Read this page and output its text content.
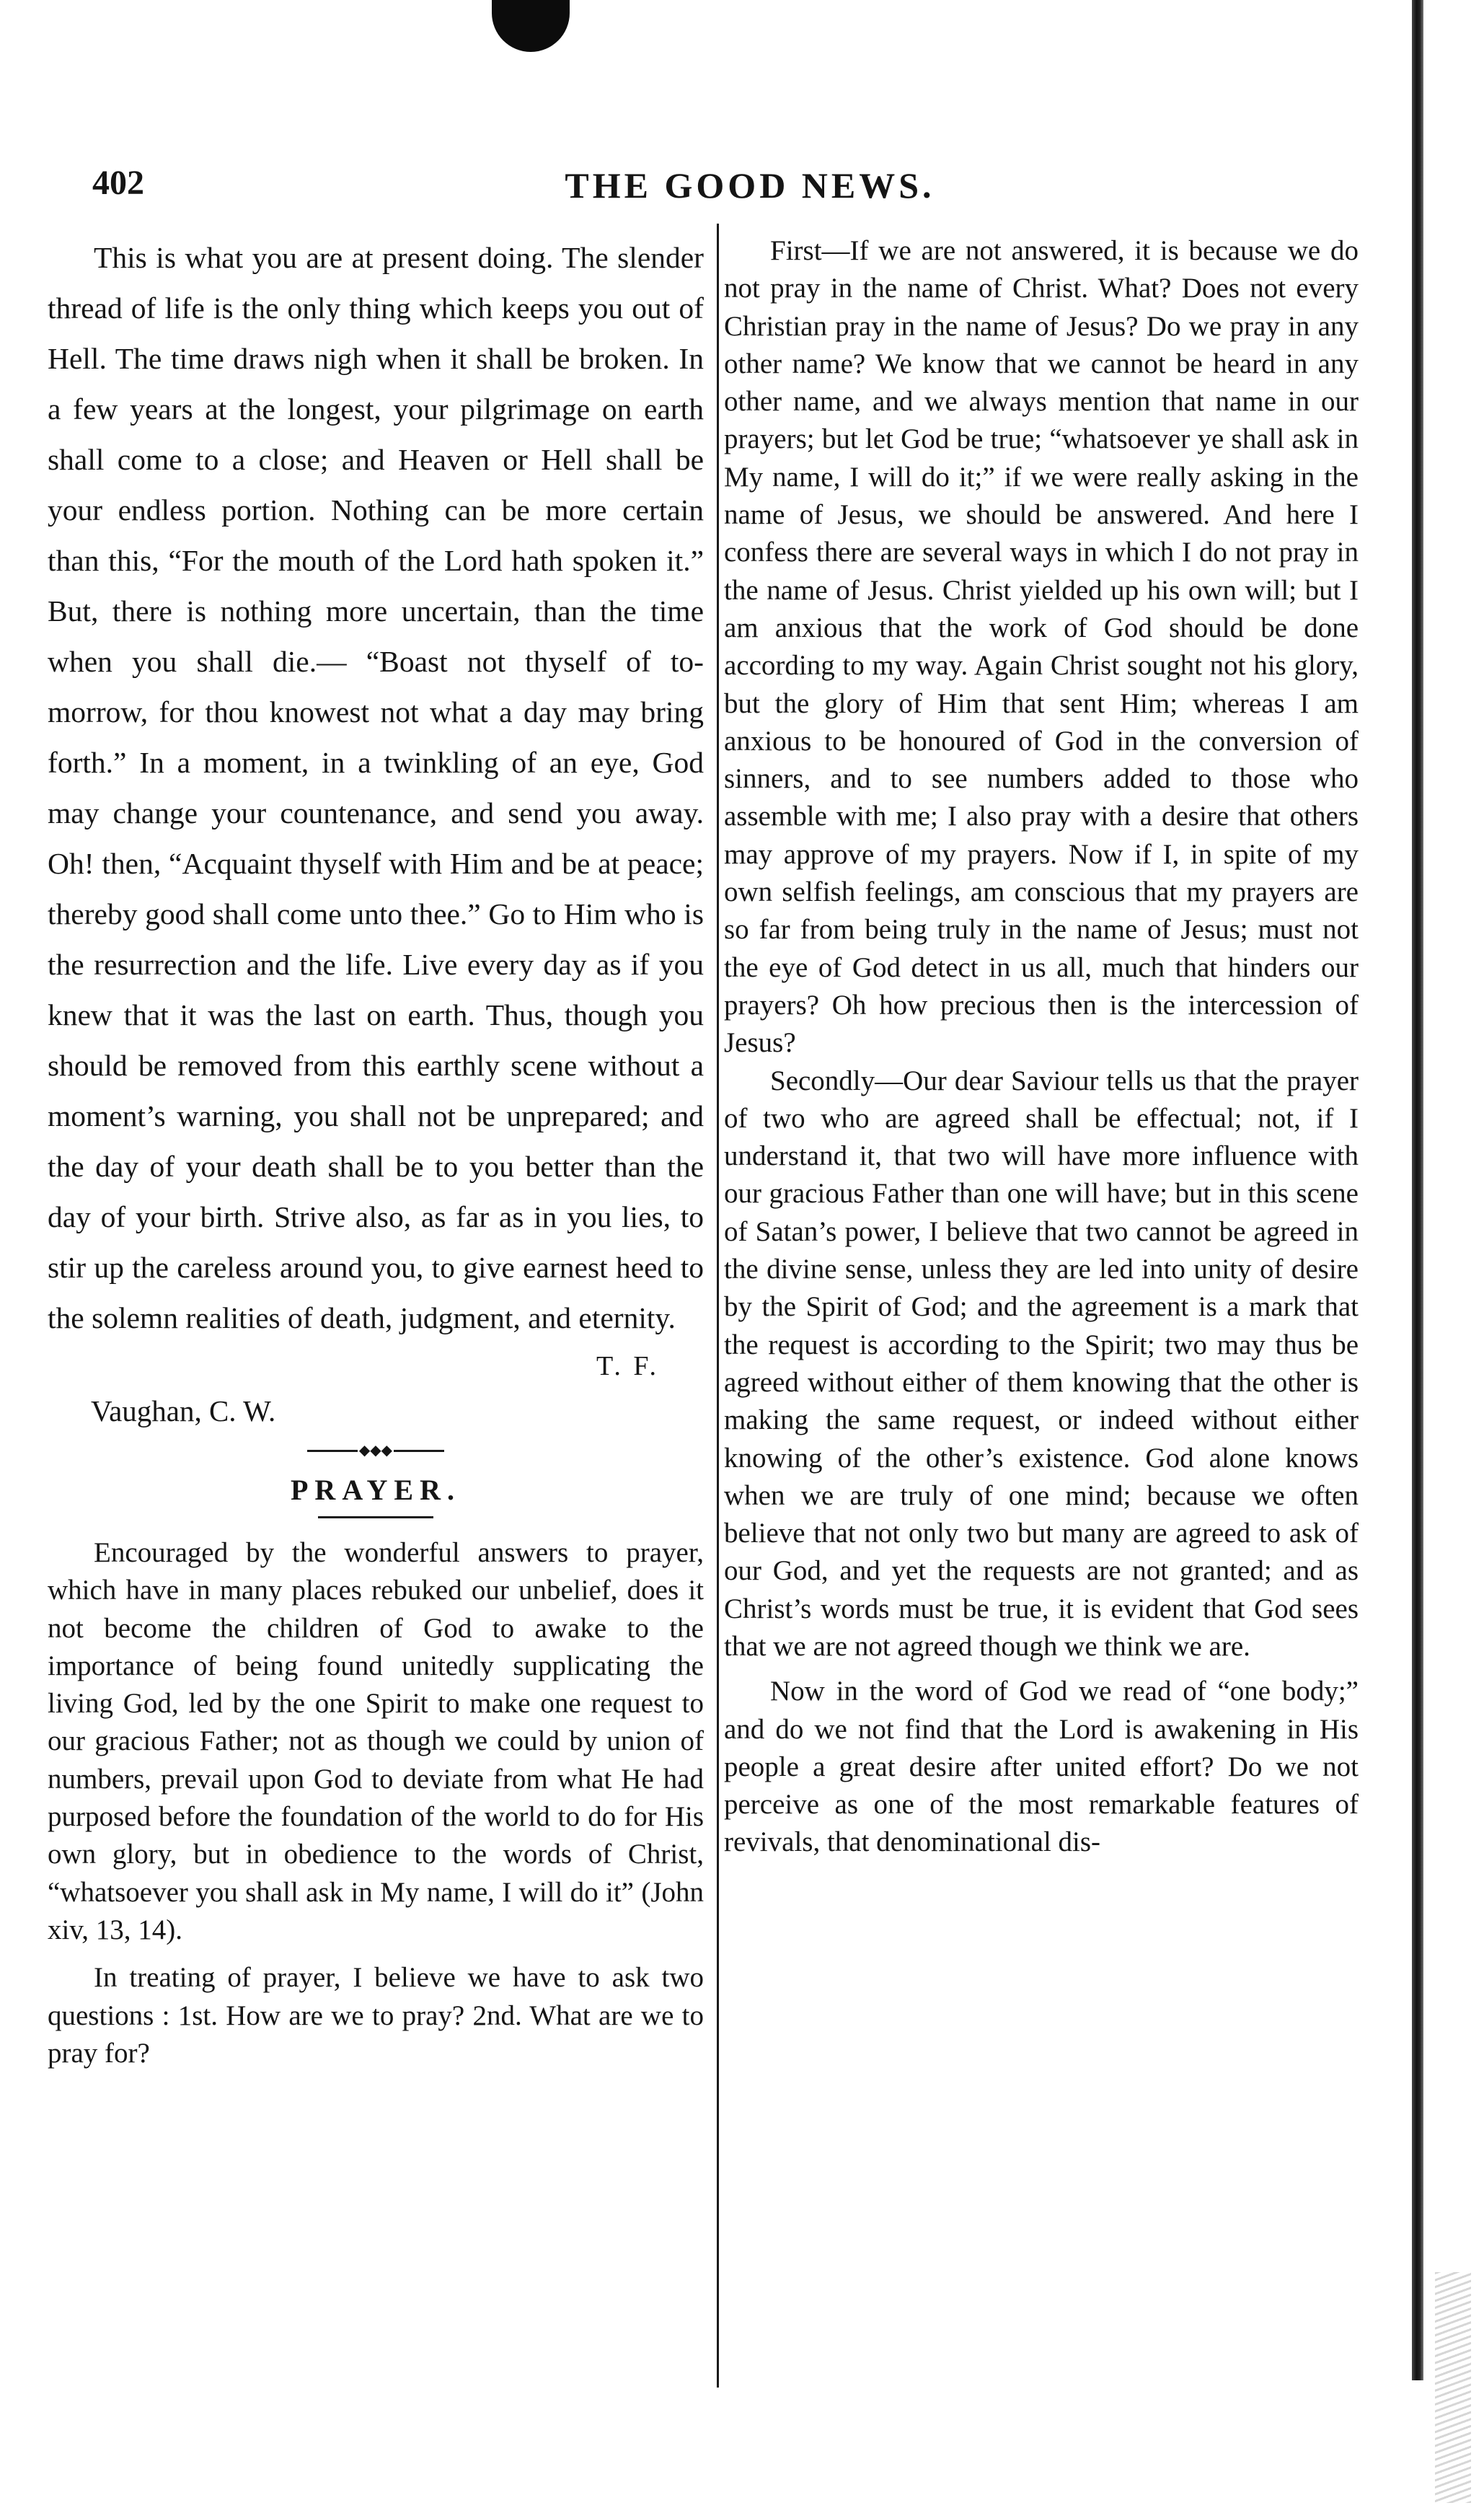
402	THE GOOD NEWS.

This is what you are at present doing. The slender thread of life is the only thing which keeps you out of Hell. The time draws nigh when it shall be broken. In a few years at the longest, your pilgrimage on earth shall come to a close; and Heaven or Hell shall be your endless portion. Nothing can be more certain than this, “For the mouth of the Lord hath spoken it.” But, there is nothing more uncertain, than the time when you shall die.— “Boast not thyself of to-morrow, for thou knowest not what a day may bring forth.” In a moment, in a twinkling of an eye, God may change your countenance, and send you away. Oh! then, “Acquaint thyself with Him and be at peace; thereby good shall come unto thee.” Go to Him who is the resurrection and the life. Live every day as if you knew that it was the last on earth. Thus, though you should be removed from this earthly scene without a moment’s warning, you shall not be unprepared; and the day of your death shall be to you better than the day of your birth. Strive also, as far as in you lies, to stir up the careless around you, to give earnest heed to the solemn realities of death, judgment, and eternity.

T. F.
Vaughan, C. W.
◆◆◆
PRAYER.

Encouraged by the wonderful answers to prayer, which have in many places rebuked our unbelief, does it not become the children of God to awake to the importance of being found unitedly supplicating the living God, led by the one Spirit to make one request to our gracious Father; not as though we could by union of numbers, prevail upon God to deviate from what He had purposed before the foundation of the world to do for His own glory, but in obedience to the words of Christ, “whatsoever you shall ask in My name, I will do it” (John xiv, 13, 14).

In treating of prayer, I believe we have to ask two questions : 1st. How are we to pray? 2nd. What are we to pray for?

First—If we are not answered, it is because we do not pray in the name of Christ. What? Does not every Christian pray in the name of Jesus? Do we pray in any other name? We know that we cannot be heard in any other name, and we always mention that name in our prayers; but let God be true; “whatsoever ye shall ask in My name, I will do it;” if we were really asking in the name of Jesus, we should be answered. And here I confess there are several ways in which I do not pray in the name of Jesus. Christ yielded up his own will; but I am anxious that the work of God should be done according to my way. Again Christ sought not his glory, but the glory of Him that sent Him; whereas I am anxious to be honoured of God in the conversion of sinners, and to see numbers added to those who assemble with me; I also pray with a desire that others may approve of my prayers. Now if I, in spite of my own selfish feelings, am conscious that my prayers are so far from being truly in the name of Jesus; must not the eye of God detect in us all, much that hinders our prayers? Oh how precious then is the intercession of Jesus?

Secondly—Our dear Saviour tells us that the prayer of two who are agreed shall be effectual; not, if I understand it, that two will have more influence with our gracious Father than one will have; but in this scene of Satan’s power, I believe that two cannot be agreed in the divine sense, unless they are led into unity of desire by the Spirit of God; and the agreement is a mark that the request is according to the Spirit; two may thus be agreed without either of them knowing that the other is making the same request, or indeed without either knowing of the other’s existence. God alone knows when we are truly of one mind; because we often believe that not only two but many are agreed to ask of our God, and yet the requests are not granted; and as Christ’s words must be true, it is evident that God sees that we are not agreed though we think we are.

Now in the word of God we read of “one body;” and do we not find that the Lord is awakening in His people a great desire after united effort? Do we not perceive as one of the most remarkable features of revivals, that denominational dis-
